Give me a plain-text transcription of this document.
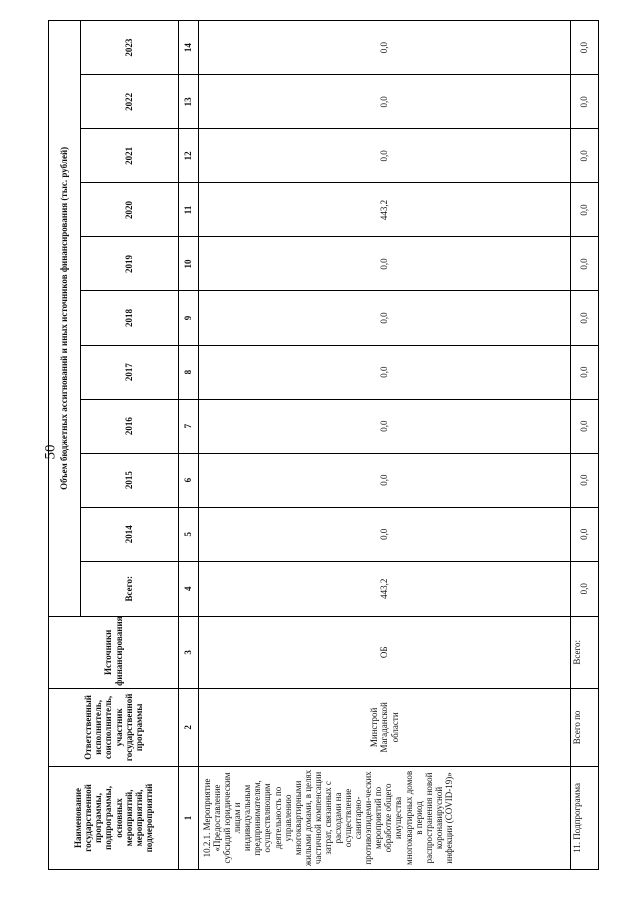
50
Наименование государственной программы, подпрограммы, основных мероприятий, мероприятий, подмероприятий	Ответственный исполнитель, соисполнитель, участник государственной программы	Источники финансирования	Объем бюджетных ассигнований и иных источников финансирования (тыс. рублей)										
			Всего:	2014	2015	2016	2017	2018	2019	2020	2021	2022	2023
1	2	3	4	5	6	7	8	9	10	11	12	13	14
10.2.1. Мероприятие «Предоставление субсидий юридическим лицам и индивидуальным предпринимателям, осуществляющим деятельность по управлению многоквартирными жилыми домами, в целях частичной компенсации затрат, связанных с расходами на осуществление санитарно-противоэпидеми-ческих мероприятий по обработке общего имущества многоквартирных домов в период распространения новой коронавирусной инфекции (COVID-19)»	Минстрой Магаданской области	ОБ	443,2	0,0	0,0	0,0	0,0	0,0	0,0	443,2	0,0	0,0	0,0
11. Подпрограмма	Всего по	Всего:	0,0	0,0	0,0	0,0	0,0	0,0	0,0	0,0	0,0	0,0	0,0
